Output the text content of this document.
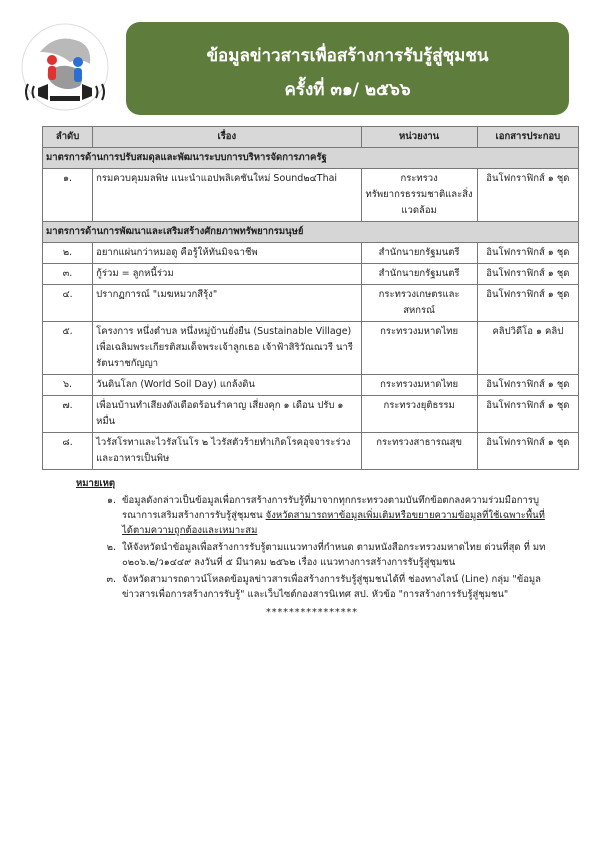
ข้อมูลข่าวสารเพื่อสร้างการรับรู้สู่ชุมชน
ครั้งที่ ๓๑/ ๒๕๖๖
ลำดับ	เรื่อง	หน่วยงาน	เอกสารประกอบ
มาตรการด้านการปรับสมดุลและพัฒนาระบบการบริหารจัดการภาครัฐ			
๑.	กรมควบคุมมลพิษ แนะนำแอปพลิเคชันใหม่ Sound๒๔Thai	กระทรวงทรัพยากรธรรมชาติและสิ่งแวดล้อม	อินโฟกราฟิกส์ ๑ ชุด
มาตรการด้านการพัฒนาและเสริมสร้างศักยภาพทรัพยากรมนุษย์			
๒.	อยากแผ่นกว่าหมอดู คือรู้ให้ทันมิจฉาชีพ	สำนักนายกรัฐมนตรี	อินโฟกราฟิกส์ ๑ ชุด
๓.	กู้ร่วม = ลูกหนี้ร่วม	สำนักนายกรัฐมนตรี	อินโฟกราฟิกส์ ๑ ชุด
๔.	ปรากฏการณ์ "เมฆหมวกสีรุ้ง"	กระทรวงเกษตรและสหกรณ์	อินโฟกราฟิกส์ ๑ ชุด
๕.	โครงการ หนึ่งตำบล หนึ่งหมู่บ้านยั่งยืน (Sustainable Village) เพื่อเฉลิมพระเกียรติสมเด็จพระเจ้าลูกเธอ เจ้าฟ้าสิริวัณณวรี นารีรัตนราชกัญญา	กระทรวงมหาดไทย	คลิปวิดีโอ ๑ คลิป
๖.	วันดินโลก (World Soil Day) แกล้งดิน	กระทรวงมหาดไทย	อินโฟกราฟิกส์ ๑ ชุด
๗.	เพื่อนบ้านทำเสียงดังเดือดร้อนรำคาญ เสี่ยงคุก ๑ เดือน ปรับ ๑ หมื่น	กระทรวงยุติธรรม	อินโฟกราฟิกส์ ๑ ชุด
๘.	ไวรัสโรทาและไวรัสโนโร ๒ ไวรัสตัวร้ายทำเกิดโรคอุจจาระร่วง และอาหารเป็นพิษ	กระทรวงสาธารณสุข	อินโฟกราฟิกส์ ๑ ชุด
หมายเหตุ
๑. ข้อมูลดังกล่าวเป็นข้อมูลเพื่อการสร้างการรับรู้ที่มาจากทุกกระทรวงตามบันทึกข้อตกลงความร่วมมือการบูรณาการเสริมสร้างการรับรู้สู่ชุมชน จังหวัดสามารถหาข้อมูลเพิ่มเติมหรือขยายความข้อมูลที่ใช้เฉพาะพื้นที่ได้ตามความถูกต้องและเหมาะสม
๒. ให้จังหวัดนำข้อมูลเพื่อสร้างการรับรู้ตามแนวทางที่กำหนด ตามหนังสือกระทรวงมหาดไทย ด่วนที่สุด ที่ มท ๐๒๐๖.๒/ว๑๔๔๙ ลงวันที่ ๕ มีนาคม ๒๕๖๒ เรื่อง แนวทางการสร้างการรับรู้สู่ชุมชน
๓. จังหวัดสามารถดาวน์โหลดข้อมูลข่าวสารเพื่อสร้างการรับรู้สู่ชุมชนได้ที่ ช่องทางไลน์ (Line) กลุ่ม "ข้อมูลข่าวสารเพื่อการสร้างการรับรู้" และเว็บไซต์กองสารนิเทศ สป. หัวข้อ "การสร้างการรับรู้สู่ชุมชน"
****************
